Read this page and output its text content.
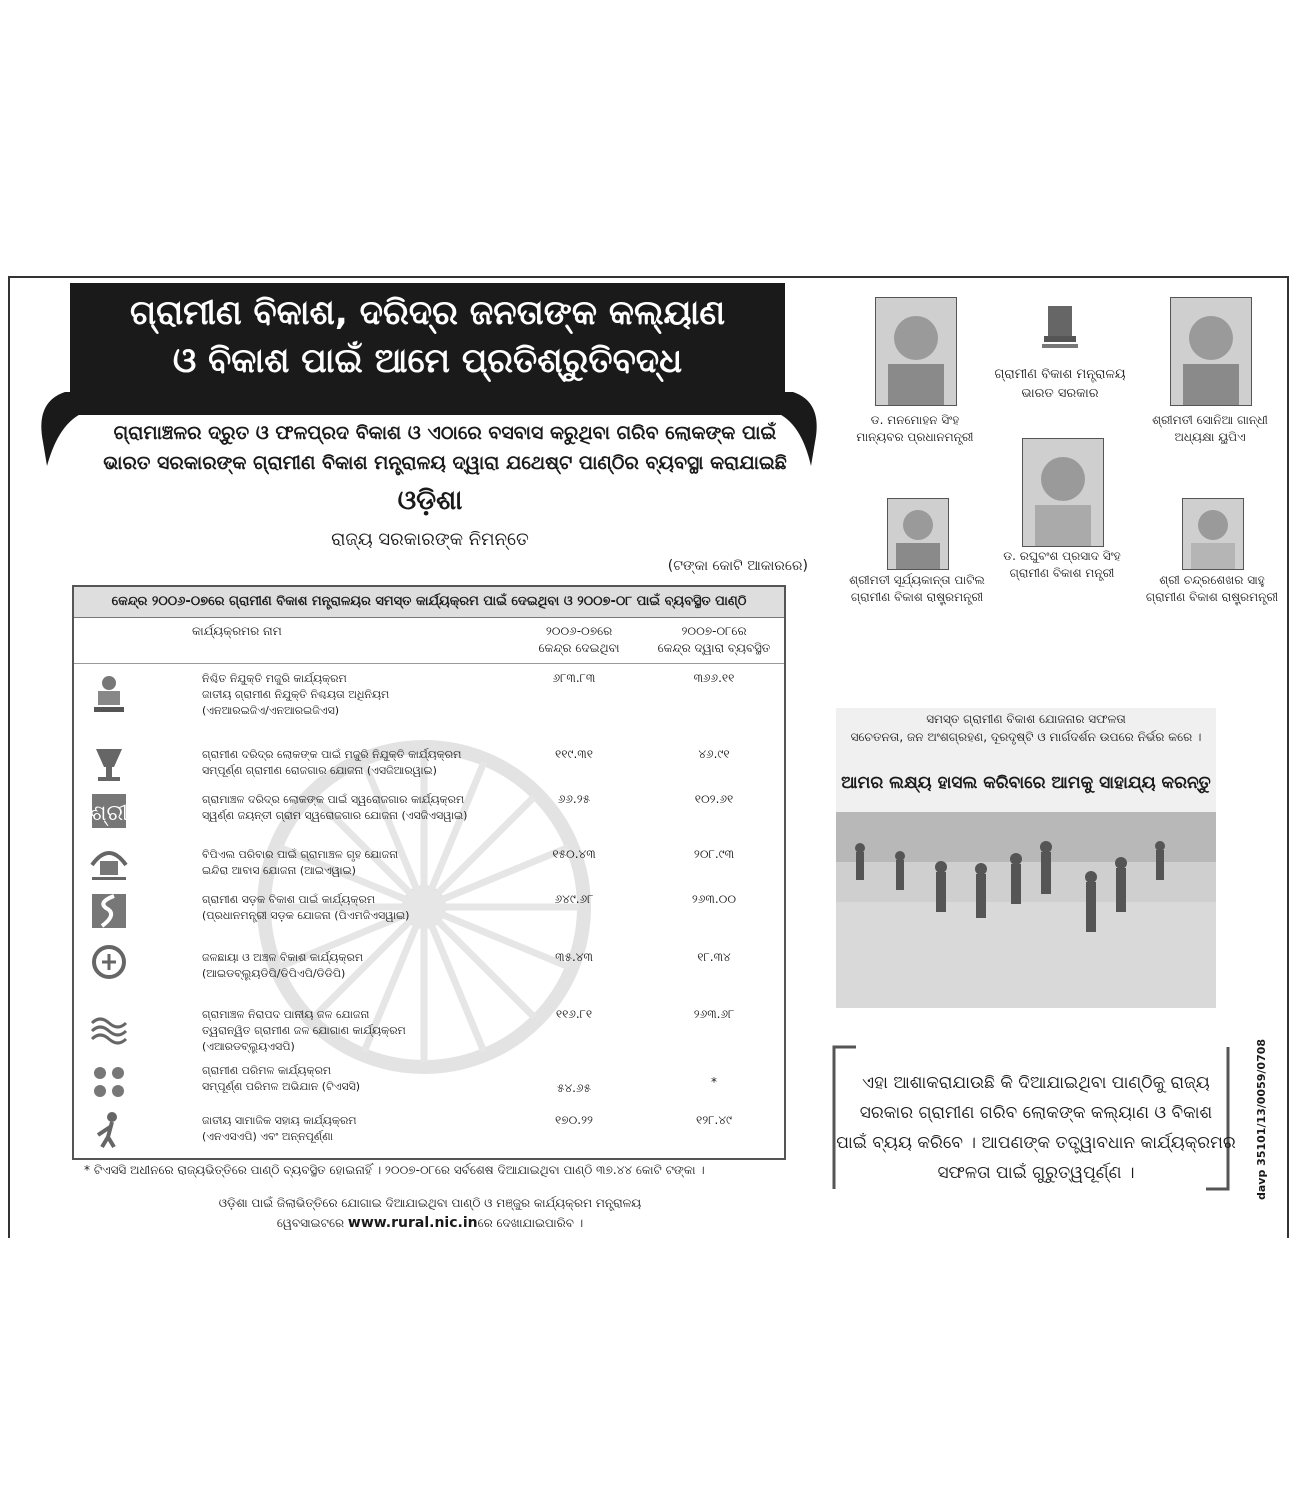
ଗ୍ରାମୀଣ ବିକାଶ, ଦରିଦ୍ର ଜନତାଙ୍କ କଲ୍ୟାଣ
ଓ ବିକାଶ ପାଇଁ ଆମେ ପ୍ରତିଶ୍ରୁତିବଦ୍ଧ
ଗ୍ରାମାଞ୍ଚଳର ଦ୍ରୁତ ଓ ଫଳପ୍ରଦ ବିକାଶ ଓ ଏଠାରେ ବସବାସ କରୁଥିବା ଗରିବ ଲୋକଙ୍କ ପାଇଁ
ଭାରତ ସରକାରଙ୍କ ଗ୍ରାମୀଣ ବିକାଶ ମନ୍ତ୍ରାଳୟ ଦ୍ୱାରା ଯଥେଷ୍ଟ ପାଣ୍ଠିର ବ୍ୟବସ୍ଥା କରାଯାଇଛି
ଓଡ଼ିଶା
ରାଜ୍ୟ ସରକାରଙ୍କ ନିମନ୍ତେ
(ଟଙ୍କା କୋଟି ଆକାରରେ)
କେନ୍ଦ୍ର ୨୦୦୬-୦୭ରେ ଗ୍ରାମୀଣ ବିକାଶ ମନ୍ତ୍ରାଳୟର ସମସ୍ତ କାର୍ଯ୍ୟକ୍ରମ ପାଇଁ ଦେଇଥିବା ଓ ୨୦୦୭-୦୮ ପାଇଁ ବ୍ୟବସ୍ଥିତ ପାଣ୍ଠି
କାର୍ଯ୍ୟକ୍ରମର ନାମ	୨୦୦୬-୦୭ରେ
କେନ୍ଦ୍ର ଦେଇଥିବା
୨୦୦୭-୦୮ରେ
କେନ୍ଦ୍ର ଦ୍ୱାରା ବ୍ୟବସ୍ଥିତ
ନିଶ୍ଚିତ ନିଯୁକ୍ତି ମଜୁରି କାର୍ଯ୍ୟକ୍ରମ
ଜାତୀୟ ଗ୍ରାମୀଣ ନିଯୁକ୍ତି ନିଶ୍ଚୟତା ଅଧିନିୟମ
(ଏନଆରଇଜିଏ/ଏନଆରଇଜିଏସ)
୬୮୩.୮୩	୩୬୬.୧୧
ଗ୍ରାମୀଣ ଦରିଦ୍ର ଲୋକଙ୍କ ପାଇଁ ମଜୁରି ନିଯୁକ୍ତି କାର୍ଯ୍ୟକ୍ରମ
ସମ୍ପୂର୍ଣ୍ଣ ଗ୍ରାମୀଣ ରୋଜଗାର ଯୋଜନା (ଏସଜିଆରୱାଇ)
୧୧୯.୩୧	୪୬.୯୧
ଶ୍ରୀ
ଗ୍ରାମାଞ୍ଚଳ ଦରିଦ୍ର ଲୋକଙ୍କ ପାଇଁ ସ୍ୱରୋଜଗାର କାର୍ଯ୍ୟକ୍ରମ
ସ୍ୱର୍ଣ୍ଣ ଜୟନ୍ତୀ ଗ୍ରାମ ସ୍ୱରୋଜଗାର ଯୋଜନା (ଏସଜିଏସୱାଇ)
୬୬.୨୫	୧୦୨.୬୧
ବିପିଏଲ ପରିବାର ପାଇଁ ଗ୍ରାମାଞ୍ଚଳ ଗୃହ ଯୋଜନା
ଇନ୍ଦିରା ଆବାସ ଯୋଜନା (ଆଇଏୱାଇ)
୧୫୦.୪୩	୨୦୮.୯୩
ଗ୍ରାମୀଣ ସଡ଼କ ବିକାଶ ପାଇଁ କାର୍ଯ୍ୟକ୍ରମ
(ପ୍ରଧାନମନ୍ତ୍ରୀ ସଡ଼କ ଯୋଜନା (ପିଏମଜିଏସୱାଇ)
୬୪୯.୬୮	୨୬୩.୦୦
ଜଳଛାୟା ଓ ଅଞ୍ଚଳ ବିକାଶ କାର୍ଯ୍ୟକ୍ରମ
(ଆଇଡବ୍ଲ୍ୟୁଡିପି/ଡିପିଏପି/ଡିଡିପି)
୩୫.୪୩	୧୮.୩୪
ଗ୍ରାମାଞ୍ଚଳ ନିରାପଦ ପାନୀୟ ଜଳ ଯୋଜନା
ତ୍ୱରାନ୍ୱିତ ଗ୍ରାମୀଣ ଜଳ ଯୋଗାଣ କାର୍ଯ୍ୟକ୍ରମ
(ଏଆରଡବ୍ଲ୍ୟୁଏସପି)
୧୧୬.୮୧	୨୬୩.୬୮
ଗ୍ରାମୀଣ ପରିମଳ କାର୍ଯ୍ୟକ୍ରମ
ସମ୍ପୂର୍ଣ୍ଣ ପରିମଳ ଅଭିଯାନ (ଟିଏସସି)	୫୪.୬୫	*
ଜାତୀୟ ସାମାଜିକ ସହାୟ କାର୍ଯ୍ୟକ୍ରମ
(ଏନଏସଏପି) ଏବଂ ଅନ୍ନପୂର୍ଣ୍ଣା
୧୭୦.୨୨	୧୨୮.୪୯
* ଟିଏସସି ଅଧୀନରେ ରାଜ୍ୟଭିତ୍ତିରେ ପାଣ୍ଠି ବ୍ୟବସ୍ଥିତ ହୋଇନାହିଁ । ୨୦୦୭-୦୮ରେ ସର୍ବଶେଷ ଦିଆଯାଇଥିବା ପାଣ୍ଠି ୩୭.୪୪ କୋଟି ଟଙ୍କା ।
ଓଡ଼ିଶା ପାଇଁ ଜିଲାଭିତ୍ତିରେ ଯୋଗାଇ ଦିଆଯାଇଥିବା ପାଣ୍ଠି ଓ ମଞ୍ଜୁର କାର୍ଯ୍ୟକ୍ରମ ମନ୍ତ୍ରାଳୟ
ୱେବସାଇଟରେ www.rural.nic.inରେ ଦେଖାଯାଇପାରିବ ।
ଡ. ମନମୋହନ ସିଂହ
ମାନ୍ୟବର ପ୍ରଧାନମନ୍ତ୍ରୀ
ଗ୍ରାମୀଣ ବିକାଶ ମନ୍ତ୍ରାଳୟ
ଭାରତ ସରକାର
ଶ୍ରୀମତୀ ସୋନିଆ ଗାନ୍ଧୀ
ଅଧ୍ୟକ୍ଷା ୟୁପିଏ
ଡ. ରଘୁବଂଶ ପ୍ରସାଦ ସିଂହ
ଗ୍ରାମୀଣ ବିକାଶ ମନ୍ତ୍ରୀ
ଶ୍ରୀମତୀ ସୂର୍ଯ୍ୟକାନ୍ତା ପାଟିଲ
ଗ୍ରାମୀଣ ବିକାଶ ରାଷ୍ଟ୍ରମନ୍ତ୍ରୀ
ଶ୍ରୀ ଚନ୍ଦ୍ରଶେଖର ସାହୁ
ଗ୍ରାମୀଣ ବିକାଶ ରାଷ୍ଟ୍ରମନ୍ତ୍ରୀ
ସମସ୍ତ ଗ୍ରାମୀଣ ବିକାଶ ଯୋଜନାର ସଫଳତା
ସଚେତନତା, ଜନ ଅଂଶଗ୍ରହଣ, ଦୂରଦୃଷ୍ଟି ଓ ମାର୍ଗଦର୍ଶନ ଉପରେ ନିର୍ଭର କରେ ।
ଆମର ଲକ୍ଷ୍ୟ ହାସଲ କରିବାରେ ଆମକୁ ସାହାଯ୍ୟ କରନ୍ତୁ
ଏହା ଆଶାକରାଯାଉଛି କି ଦିଆଯାଇଥିବା ପାଣ୍ଠିକୁ ରାଜ୍ୟ
ସରକାର ଗ୍ରାମୀଣ ଗରିବ ଲୋକଙ୍କ କଲ୍ୟାଣ ଓ ବିକାଶ
ପାଇଁ ବ୍ୟୟ କରିବେ । ଆପଣଙ୍କ ତତ୍ତ୍ୱାବଧାନ କାର୍ଯ୍ୟକ୍ରମର
ସଫଳତା ପାଇଁ ଗୁରୁତ୍ୱପୂର୍ଣ୍ଣ ।	davp 35101/13/0059/0708
